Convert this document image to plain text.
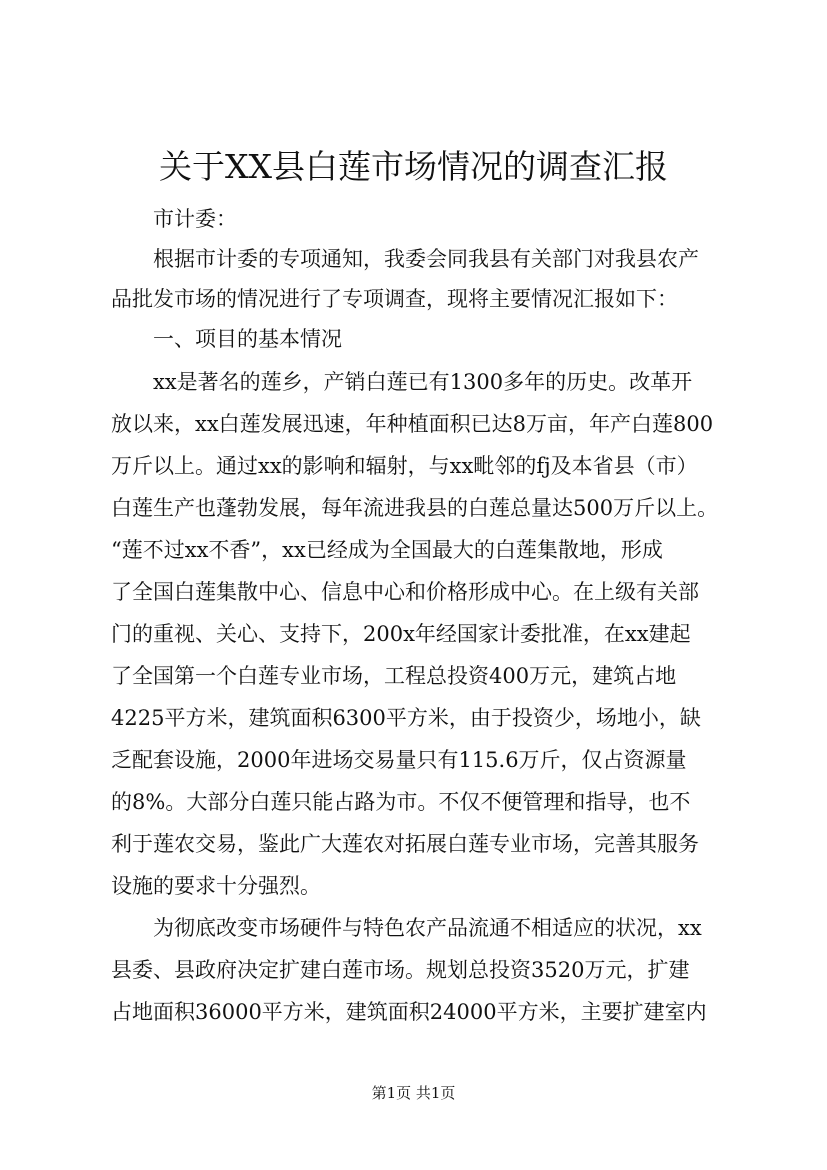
关于XX县白莲市场情况的调查汇报

市计委：

根据市计委的专项通知，我委会同我县有关部门对我县农产

品批发市场的情况进行了专项调查，现将主要情况汇报如下：

一、项目的基本情况

xx是著名的莲乡，产销白莲已有1300多年的历史。改革开

放以来，xx白莲发展迅速，年种植面积已达8万亩，年产白莲800

万斤以上。通过xx的影响和辐射，与xx毗邻的fj及本省县（市）

白莲生产也蓬勃发展，每年流进我县的白莲总量达500万斤以上。

“莲不过xx不香”，xx已经成为全国最大的白莲集散地，形成

了全国白莲集散中心、信息中心和价格形成中心。在上级有关部

门的重视、关心、支持下，200x年经国家计委批准，在xx建起

了全国第一个白莲专业市场，工程总投资400万元，建筑占地

4225平方米，建筑面积6300平方米，由于投资少，场地小，缺

乏配套设施，2000年进场交易量只有115.6万斤，仅占资源量

的8%。大部分白莲只能占路为市。不仅不便管理和指导，也不

利于莲农交易，鉴此广大莲农对拓展白莲专业市场，完善其服务

设施的要求十分强烈。

为彻底改变市场硬件与特色农产品流通不相适应的状况，xx

县委、县政府决定扩建白莲市场。规划总投资3520万元，扩建

占地面积36000平方米，建筑面积24000平方米，主要扩建室内

第1页 共1页
